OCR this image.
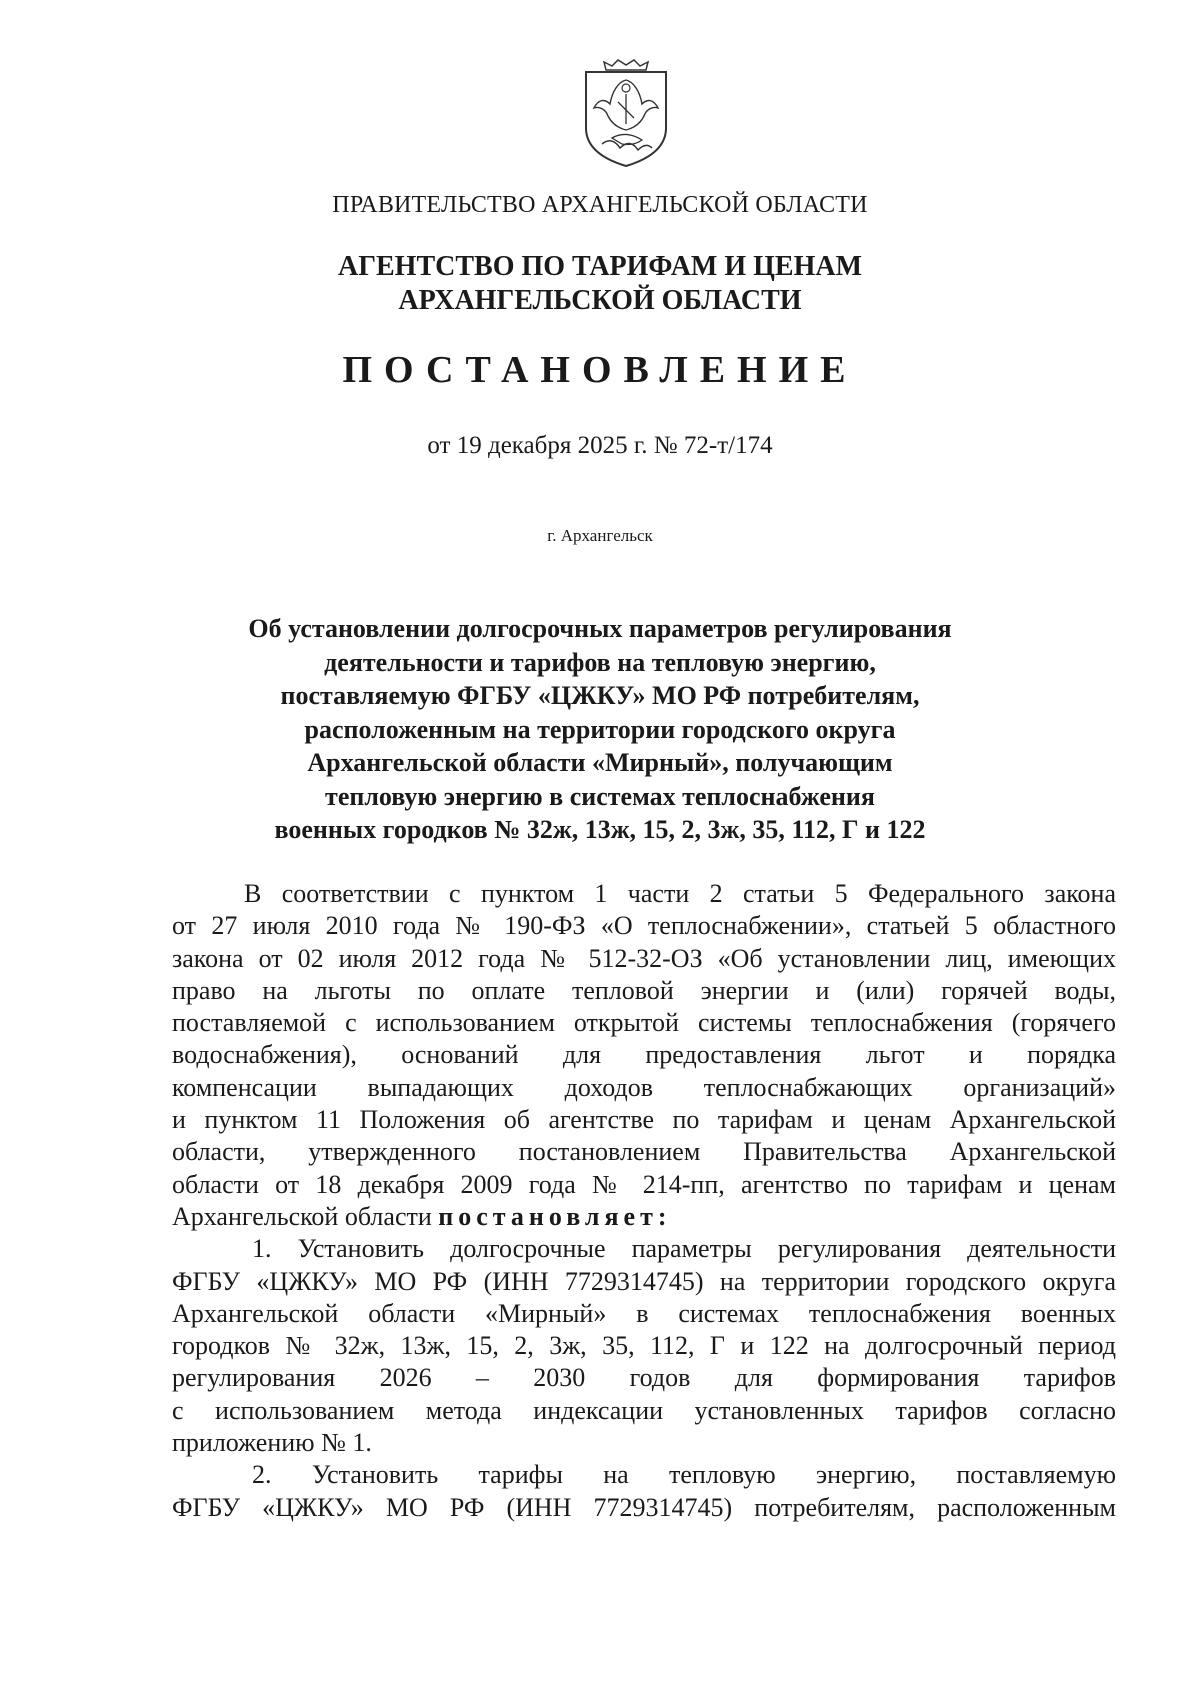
ПРАВИТЕЛЬСТВО АРХАНГЕЛЬСКОЙ ОБЛАСТИ
АГЕНТСТВО ПО ТАРИФАМ И ЦЕНАМ
АРХАНГЕЛЬСКОЙ ОБЛАСТИ
ПОСТАНОВЛЕНИЕ
от 19 декабря 2025 г. № 72-т/174
г. Архангельск
Об установлении долгосрочных параметров регулирования
деятельности и тарифов на тепловую энергию,
поставляемую ФГБУ «ЦЖКУ» МО РФ потребителям,
расположенным на территории городского округа
Архангельской области «Мирный», получающим
тепловую энергию в системах теплоснабжения
военных городков № 32ж, 13ж, 15, 2, 3ж, 35, 112, Г и 122
В соответствии с пунктом 1 части 2 статьи 5 Федерального закона
от 27 июля 2010 года № 190-ФЗ «О теплоснабжении», статьей 5 областного
закона от 02 июля 2012 года № 512-32-ОЗ «Об установлении лиц, имеющих
право на льготы по оплате тепловой энергии и (или) горячей воды,
поставляемой с использованием открытой системы теплоснабжения (горячего
водоснабжения), оснований для предоставления льгот и порядка
компенсации выпадающих доходов теплоснабжающих организаций»
и пунктом 11 Положения об агентстве по тарифам и ценам Архангельской
области, утвержденного постановлением Правительства Архангельской
области от 18 декабря 2009 года № 214-пп, агентство по тарифам и ценам
Архангельской области постановляет:
1. Установить долгосрочные параметры регулирования деятельности
ФГБУ «ЦЖКУ» МО РФ (ИНН 7729314745) на территории городского округа
Архангельской области «Мирный» в системах теплоснабжения военных
городков № 32ж, 13ж, 15, 2, 3ж, 35, 112, Г и 122 на долгосрочный период
регулирования 2026 – 2030 годов для формирования тарифов
с использованием метода индексации установленных тарифов согласно
приложению № 1.
2. Установить тарифы на тепловую энергию, поставляемую
ФГБУ «ЦЖКУ» МО РФ (ИНН 7729314745) потребителям, расположенным
